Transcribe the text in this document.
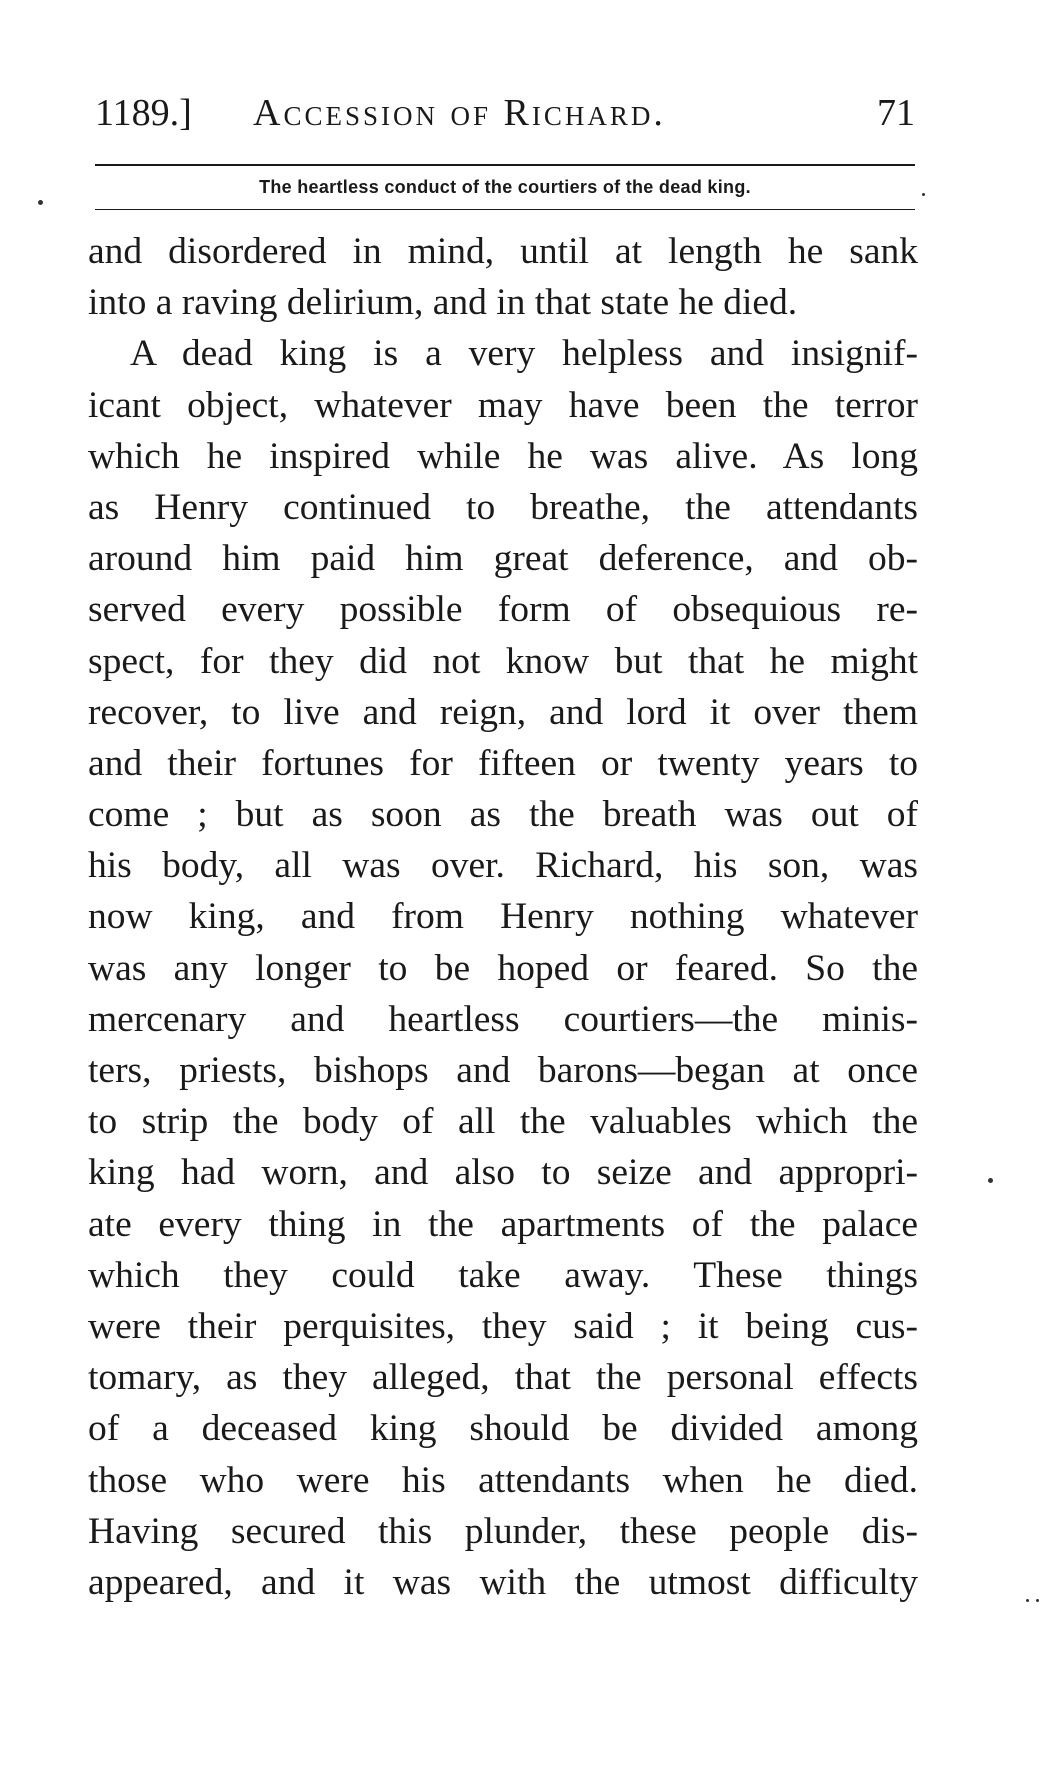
1189.] Accession of Richard.	71
The heartless conduct of the courtiers of the dead king.
and disordered in mind, until at length he sank
into a raving delirium, and in that state he died.
A dead king is a very helpless and insignif-
icant object, whatever may have been the terror
which he inspired while he was alive. As long
as Henry continued to breathe, the attendants
around him paid him great deference, and ob-
served every possible form of obsequious re-
spect, for they did not know but that he might
recover, to live and reign, and lord it over them
and their fortunes for fifteen or twenty years to
come ; but as soon as the breath was out of
his body, all was over. Richard, his son, was
now king, and from Henry nothing whatever
was any longer to be hoped or feared. So the
mercenary and heartless courtiers—the minis-
ters, priests, bishops and barons—began at once
to strip the body of all the valuables which the
king had worn, and also to seize and appropri-
ate every thing in the apartments of the palace
which they could take away. These things
were their perquisites, they said ; it being cus-
tomary, as they alleged, that the personal effects
of a deceased king should be divided among
those who were his attendants when he died.
Having secured this plunder, these people dis-
appeared, and it was with the utmost difficulty
